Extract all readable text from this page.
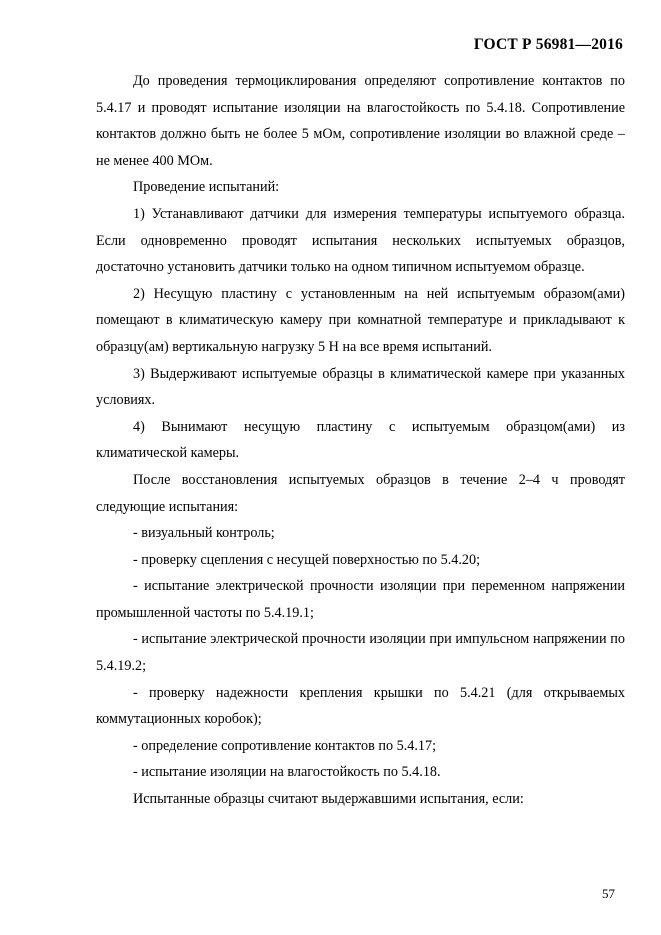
ГОСТ Р 56981—2016

До проведения термоциклирования определяют сопротивление контактов по 5.4.17 и проводят испытание изоляции на влагостойкость по 5.4.18. Сопротивление контактов должно быть не более 5 мОм, сопротивление изоляции во влажной среде – не менее 400 МОм.

Проведение испытаний:

1) Устанавливают датчики для измерения температуры испытуемого образца. Если одновременно проводят испытания нескольких испытуемых образцов, достаточно установить датчики только на одном типичном испытуемом образце.

2) Несущую пластину с установленным на ней испытуемым образом(ами) помещают в климатическую камеру при комнатной температуре и прикладывают к образцу(ам) вертикальную нагрузку 5 Н на все время испытаний.

3) Выдерживают испытуемые образцы в климатической камере при указанных условиях.

4) Вынимают несущую пластину с испытуемым образцом(ами) из климатической камеры.

После восстановления испытуемых образцов в течение 2–4 ч проводят следующие испытания:

- визуальный контроль;

- проверку сцепления с несущей поверхностью по 5.4.20;

- испытание электрической прочности изоляции при переменном напряжении промышленной частоты по 5.4.19.1;

- испытание электрической прочности изоляции при импульсном напряжении по 5.4.19.2;

- проверку надежности крепления крышки по 5.4.21 (для открываемых коммутационных коробок);

- определение сопротивление контактов по 5.4.17;

- испытание изоляции на влагостойкость по 5.4.18.

Испытанные образцы считают выдержавшими испытания, если:

57
